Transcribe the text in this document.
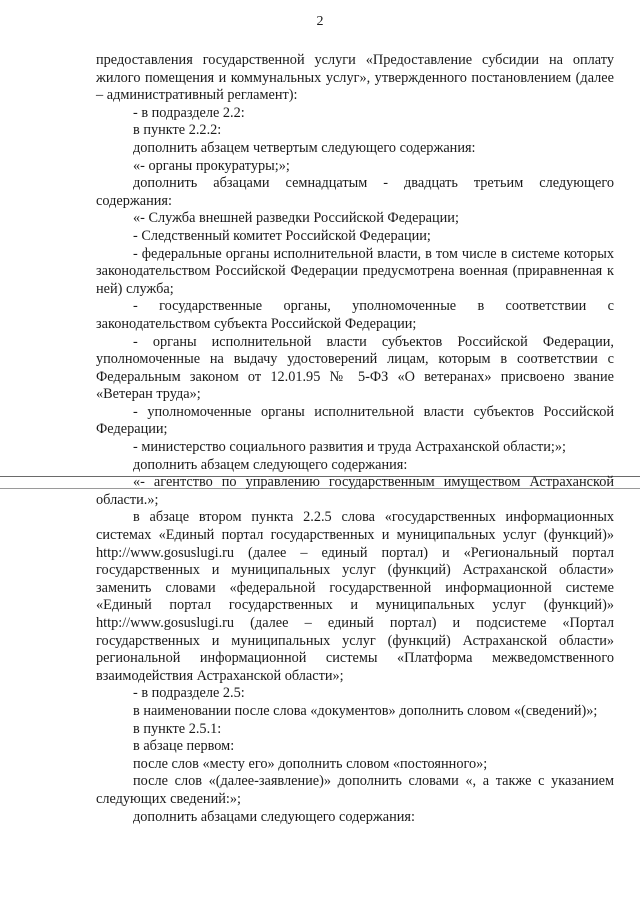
2

предоставления государственной услуги «Предоставление субсидии на оплату жилого помещения и коммунальных услуг», утвержденного постановлением (далее – административный регламент):

- в подразделе 2.2:

в пункте 2.2.2:

дополнить абзацем четвертым следующего содержания:

«- органы прокуратуры;»;

дополнить абзацами семнадцатым - двадцать третьим следующего содержания:

«- Служба внешней разведки Российской Федерации;

- Следственный комитет Российской Федерации;

- федеральные органы исполнительной власти, в том числе в системе которых законодательством Российской Федерации предусмотрена военная (приравненная к ней) служба;

- государственные органы, уполномоченные в соответствии с законодательством субъекта Российской Федерации;

- органы исполнительной власти субъектов Российской Федерации, уполномоченные на выдачу удостоверений лицам, которым в соответствии с Федеральным законом от 12.01.95 № 5-ФЗ «О ветеранах» присвоено звание «Ветеран труда»;

- уполномоченные органы исполнительной власти субъектов Российской Федерации;

- министерство социального развития и труда Астраханской области;»;

дополнить абзацем следующего содержания:

«- агентство по управлению государственным имуществом Астраханской области.»;

в абзаце втором пункта 2.2.5 слова «государственных информационных системах «Единый портал государственных и муниципальных услуг (функций)» http://www.gosuslugi.ru (далее – единый портал) и «Региональный портал государственных и муниципальных услуг (функций) Астраханской области» заменить словами «федеральной государственной информационной системе «Единый портал государственных и муниципальных услуг (функций)» http://www.gosuslugi.ru (далее – единый портал) и подсистеме «Портал государственных и муниципальных услуг (функций) Астраханской области» региональной информационной системы «Платформа межведомственного взаимодействия Астраханской области»;

- в подразделе 2.5:

в наименовании после слова «документов» дополнить словом «(сведений)»;

в пункте 2.5.1:

в абзаце первом:

после слов «месту его» дополнить словом «постоянного»;

после слов «(далее-заявление)» дополнить словами «, а также с указанием следующих сведений:»;

дополнить абзацами следующего содержания:
